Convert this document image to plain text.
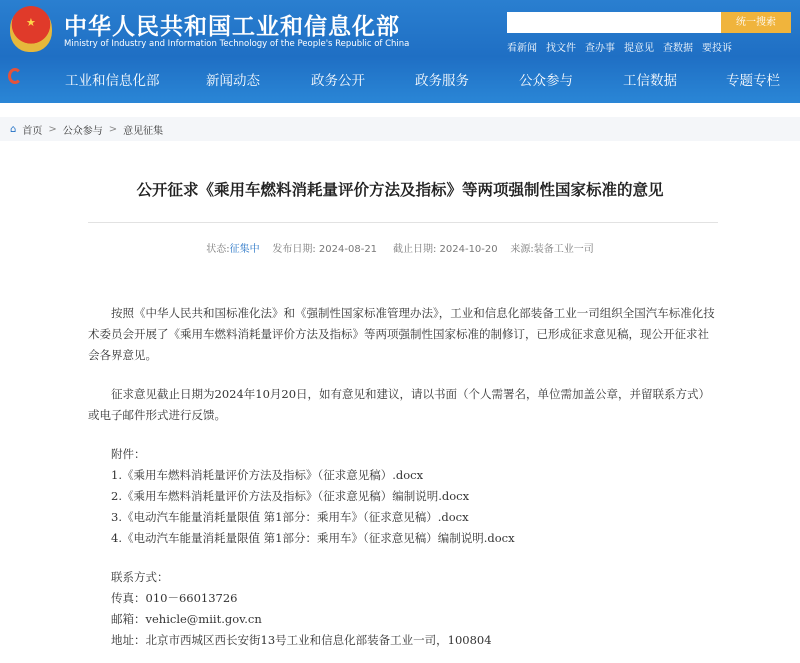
★ 中华人民共和国工业和信息化部
Ministry of Industry and Information Technology of the People's Republic of China
统一搜索
看新闻 找文件 查办事 提意见 查数据 要投诉
工业和信息化部	新闻动态	政务公开	政务服务	公众参与	工信数据	专题专栏
⌂ 首页 > 公众参与 > 意见征集
公开征求《乘用车燃料消耗量评价方法及指标》等两项强制性国家标准的意见
状态:征集中 发布日期: 2024-08-21 截止日期: 2024-10-20 来源:装备工业一司

按照《中华人民共和国标准化法》和《强制性国家标准管理办法》，工业和信息化部装备工业一司组织全国汽车标准化技术委员会开展了《乘用车燃料消耗量评价方法及指标》等两项强制性国家标准的制修订，已形成征求意见稿，现公开征求社会各界意见。

征求意见截止日期为2024年10月20日，如有意见和建议，请以书面（个人需署名，单位需加盖公章，并留联系方式）或电子邮件形式进行反馈。

附件：

1.《乘用车燃料消耗量评价方法及指标》（征求意见稿）.docx

2.《乘用车燃料消耗量评价方法及指标》（征求意见稿）编制说明.docx

3.《电动汽车能量消耗量限值 第1部分：乘用车》（征求意见稿）.docx

4.《电动汽车能量消耗量限值 第1部分：乘用车》（征求意见稿）编制说明.docx

联系方式：

传真：010－66013726

邮箱：vehicle@miit.gov.cn

地址：北京市西城区西长安街13号工业和信息化部装备工业一司，100804
